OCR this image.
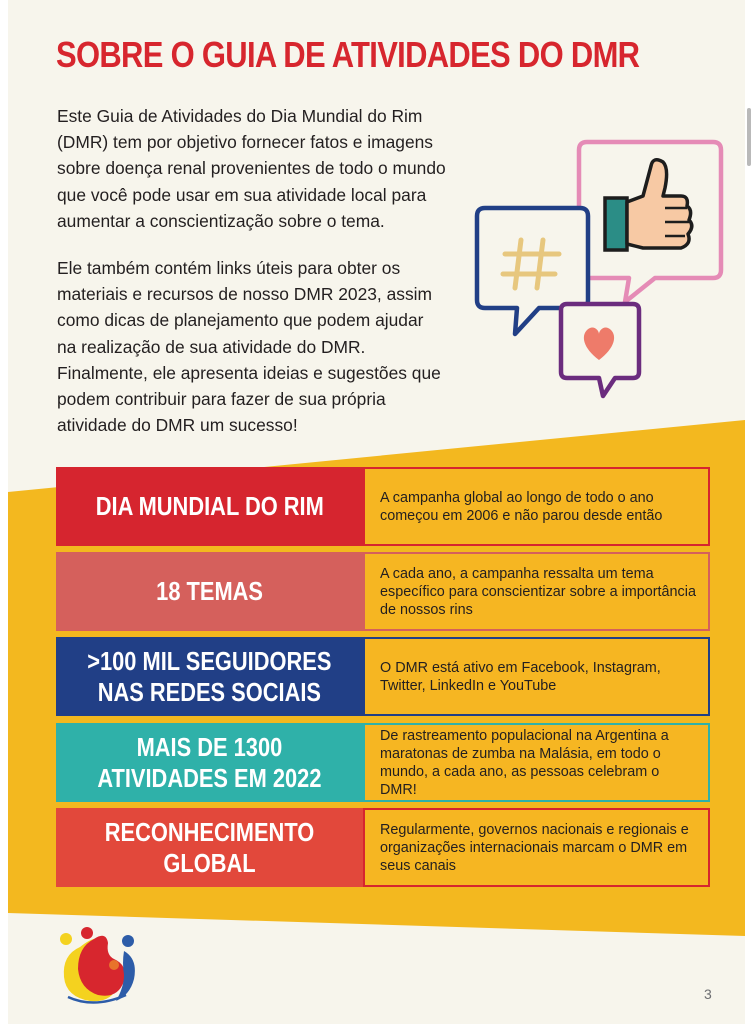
SOBRE O GUIA DE ATIVIDADES DO DMR

Este Guia de Atividades do Dia Mundial do Rim
(DMR) tem por objetivo fornecer fatos e imagens
sobre doença renal provenientes de todo o mundo
que você pode usar em sua atividade local para
aumentar a conscientização sobre o tema.

Ele também contém links úteis para obter os
materiais e recursos de nosso DMR 2023, assim
como dicas de planejamento que podem ajudar
na realização de sua atividade do DMR.
Finalmente, ele apresenta ideias e sugestões que
podem contribuir para fazer de sua própria
atividade do DMR um sucesso!

DIA MUNDIAL DO RIM	A campanha global ao longo de todo o ano começou em 2006 e não parou desde então
18 TEMAS
A cada ano, a campanha ressalta um tema específico para conscientizar sobre a importância de nossos rins
>100 MIL SEGUIDORES
NAS REDES SOCIAIS
O DMR está ativo em Facebook, Instagram, Twitter, LinkedIn e YouTube
MAIS DE 1300
ATIVIDADES EM 2022
De rastreamento populacional na Argentina a maratonas de zumba na Malásia, em todo o mundo, a cada ano, as pessoas celebram o DMR!
RECONHECIMENTO GLOBAL
Regularmente, governos nacionais e regionais e organizações internacionais marcam o DMR em seus canais
3
